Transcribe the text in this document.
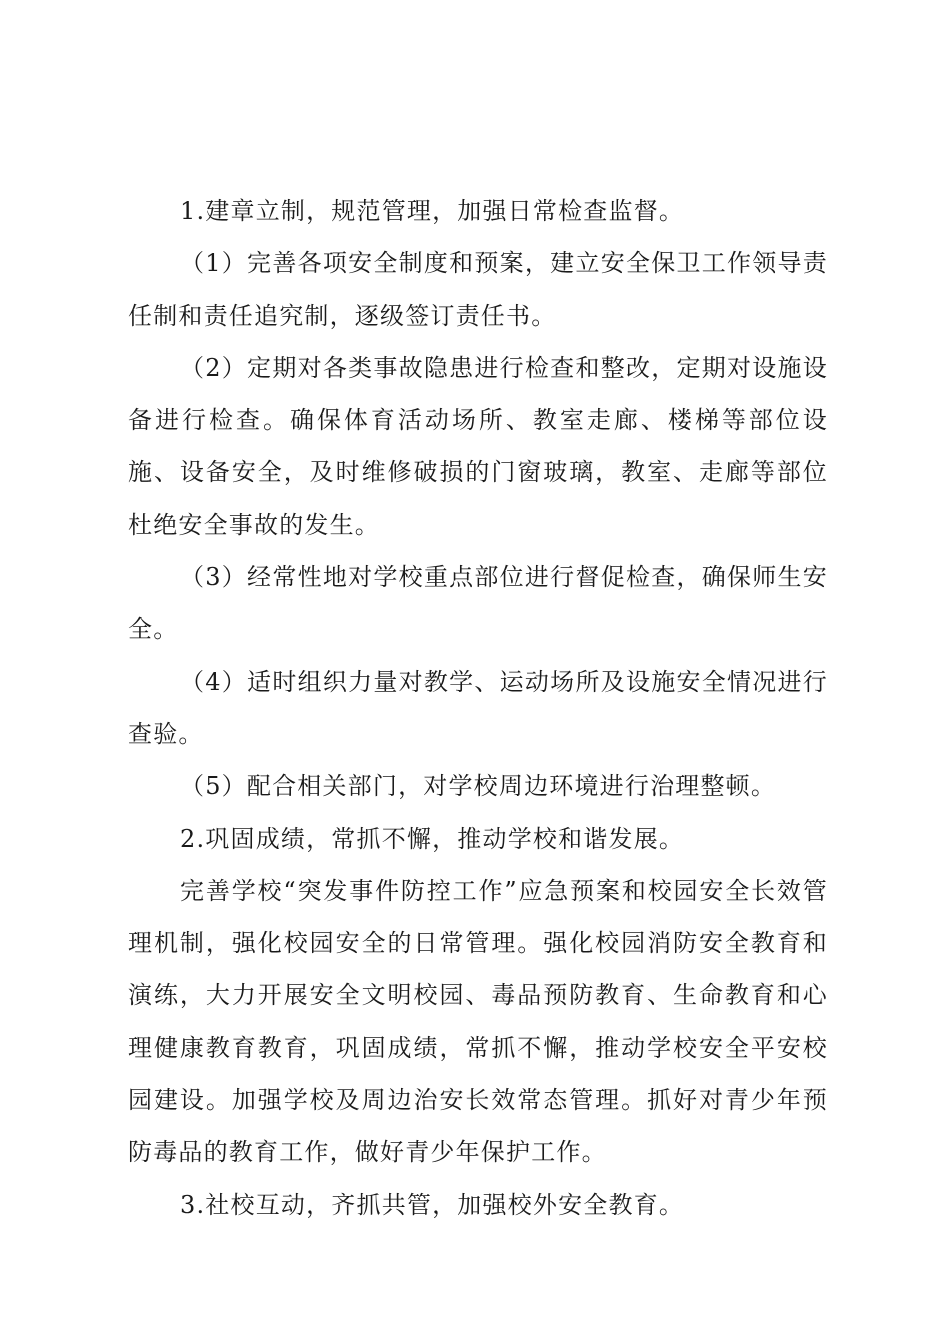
1.建章立制，规范管理，加强日常检查监督。

（1）完善各项安全制度和预案，建立安全保卫工作领导责任制和责任追究制，逐级签订责任书。

（2）定期对各类事故隐患进行检查和整改，定期对设施设备进行检查。确保体育活动场所、教室走廊、楼梯等部位设施、设备安全，及时维修破损的门窗玻璃，教室、走廊等部位杜绝安全事故的发生。

（3）经常性地对学校重点部位进行督促检查，确保师生安全。

（4）适时组织力量对教学、运动场所及设施安全情况进行查验。

（5）配合相关部门，对学校周边环境进行治理整顿。

2.巩固成绩，常抓不懈，推动学校和谐发展。

完善学校“突发事件防控工作”应急预案和校园安全长效管理机制，强化校园安全的日常管理。强化校园消防安全教育和演练，大力开展安全文明校园、毒品预防教育、生命教育和心理健康教育教育，巩固成绩，常抓不懈，推动学校安全平安校园建设。加强学校及周边治安长效常态管理。抓好对青少年预防毒品的教育工作，做好青少年保护工作。

3.社校互动，齐抓共管，加强校外安全教育。
